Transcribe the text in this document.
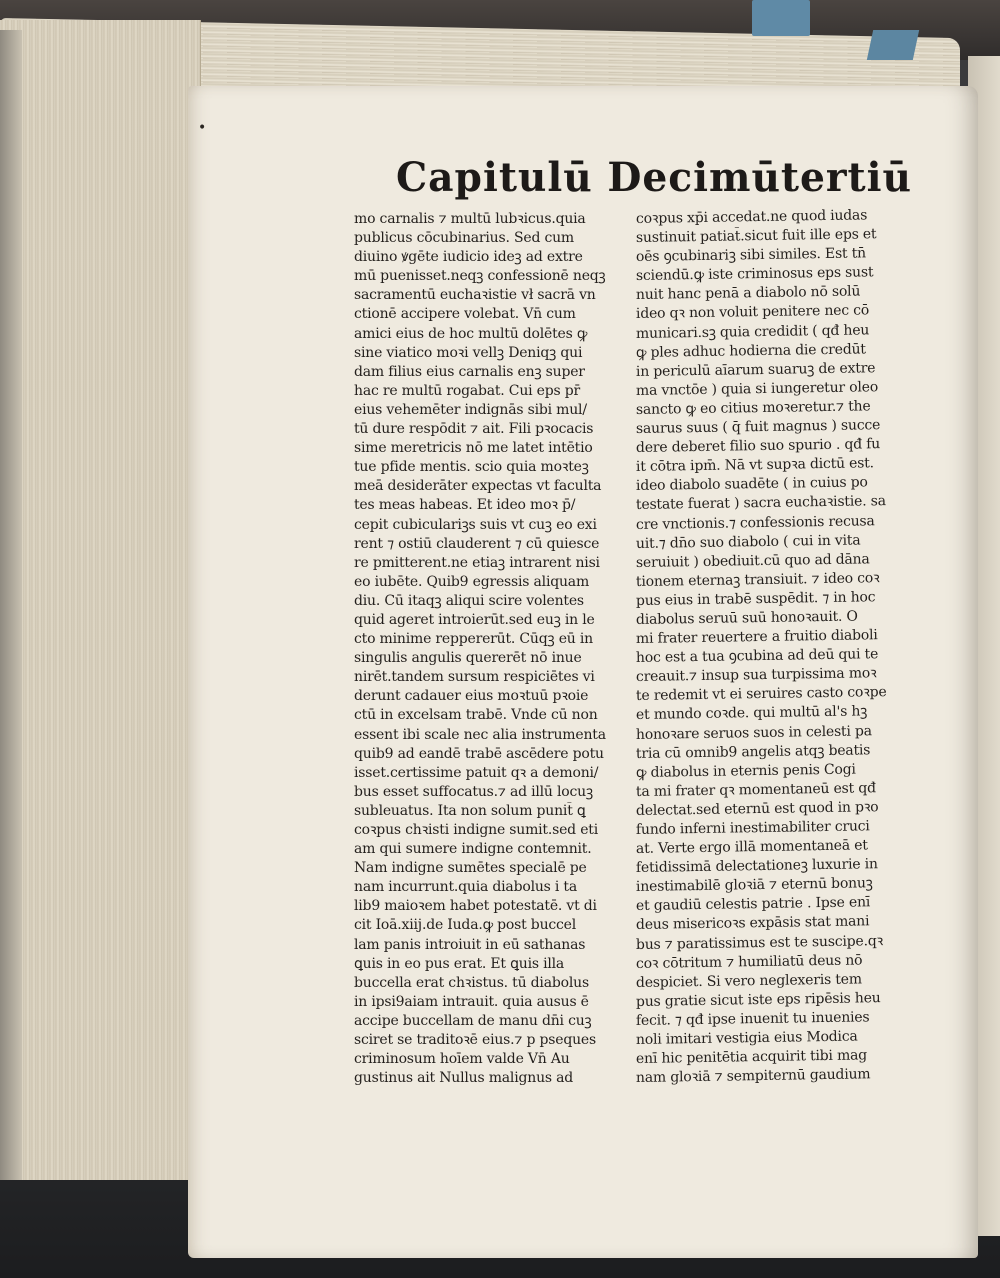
•
Capitulū Decimūtertiū
mo carnalis ⁊ multū lubꝛicus.quia
publicus cōcubinarius. Sed cum
diuino ꝟgēte iudicio ideꝫ ad extre
mū puenisset.neqꝫ confessionē neqꝫ
sacramentū euchaꝛistie vł sacrā vn
ctionē accipere volebat. Vn̄ cum
amici eius de hoc multū dolētes ꝙ
sine viatico moꝛi vellꝫ Deniqꝫ qui
dam filius eius carnalis enꝫ super
hac re multū rogabat. Cui eps pr̄
eius vehemēter indignās sibi mul/
tū dure respōdit ⁊ ait. Fili pꝛocacis
sime meretricis nō me latet intētio
tue pfide mentis. scio quia moꝛteꝫ
meā desiderāter expectas vt faculta
tes meas habeas. Et ideo moꝛ p̄/
cepit cubiculariꝫs suis vt cuꝫ eo exi
rent ⁊ ostiū clauderent ⁊ cū quiesce
re pmitterent.ne etiaꝫ intrarent nisi
eo iubēte. Quib9 egressis aliquam
diu. Cū itaqꝫ aliqui scire volentes
quid ageret introierūt.sed euꝫ in le
cto minime reppererūt. Cūqꝫ eū in
singulis angulis quererēt nō inue
nirēt.tandem sursum respiciētes vi
derunt cadauer eius moꝛtuū pꝛoie
ctū in excelsam trabē. Vnde cū non
essent ibi scale nec alia instrumenta
quib9 ad eandē trabē ascēdere potu
isset.certissime patuit qꝛ a demoni/
bus esset suffocatus.⁊ ad illū locuꝫ
subleuatus. Ita non solum punit̄ ꝗ
coꝛpus chꝛisti indigne sumit.sed eti
am qui sumere indigne contemnit.
Nam indigne sumētes specialē pe
nam incurrunt.quia diabolus i ta
lib9 maioꝛem habet potestatē. vt di
cit Ioā.xiij.de Iuda.ꝙ post buccel
lam panis introiuit in eū sathanas
ꝗuis in eo pus erat. Et ꝗuis illa
buccella erat chꝛistus. tū diabolus
in ipsi9aiam intrauit. quia ausus ē
accipe buccellam de manu dn̄i cuꝫ
sciret se traditoꝛē eius.⁊ p pseques
criminosum hoīem valde Vn̄ Au
gustinus ait Nullus malignus ad
coꝛpus xp̄i accedat.ne quod iudas
sustinuit patiat̄.sicut fuit ille eps et
oēs ꝯcubinariꝫ sibi similes. Est tn̄
sciendū.ꝙ iste criminosus eps sust
nuit hanc penā a diabolo nō solū
ideo qꝛ non voluit penitere nec cō
municari.sꝫ quia credidit ( qđ heu
ꝙ ples adhuc hodierna die credūt
in periculū aīarum suaruꝫ de extre
ma vnctōe ) quia si iungeretur oleo
sancto ꝙ eo citius moꝛeretur.⁊ the
saurus suus ( q̄ fuit magnus ) succe
dere deberet filio suo spurio . qđ fu
it cōtra ipm̄. Nā vt supꝛa dictū est.
ideo diabolo suadēte ( in cuius po
testate fuerat ) sacra euchaꝛistie. sa
cre vnctionis.⁊ confessionis recusa
uit.⁊ dn̄o suo diabolo ( cui in vita
seruiuit ) obediuit.cū quo ad dāna
tionem eternaꝫ transiuit. ⁊ ideo coꝛ
pus eius in trabē suspēdit. ⁊ in hoc
diabolus seruū suū honoꝛauit. O
mi frater reuertere a fruitio diaboli
hoc est a tua ꝯcubina ad deū qui te
creauit.⁊ insup sua turpissima moꝛ
te redemit vt ei seruires casto coꝛpe
et mundo coꝛde. qui multū al's hꝫ
honoꝛare seruos suos in celesti pa
tria cū omnib9 angelis atqꝫ beatis
ꝙ diabolus in eternis penis Cogi
ta mi frater qꝛ momentaneū est qđ
delectat.sed eternū est quod in pꝛo
fundo inferni inestimabiliter cruci
at. Verte ergo illā momentaneā et
fetidissimā delectationeꝫ luxurie in
inestimabilē gloꝛiā ⁊ eternū bonuꝫ
et gaudiū celestis patrie . Ipse enī
deus misericoꝛs expāsis stat mani
bus ⁊ paratissimus est te suscipe.qꝛ
coꝛ cōtritum ⁊ humiliatū deus nō
despiciet. Si vero neglexeris tem
pus gratie sicut iste eps ripēsis heu
fecit. ⁊ qđ ipse inuenit tu inuenies
noli imitari vestigia eius Modica
enī hic penitētia acquirit tibi mag
nam gloꝛiā ⁊ sempiternū gaudium
